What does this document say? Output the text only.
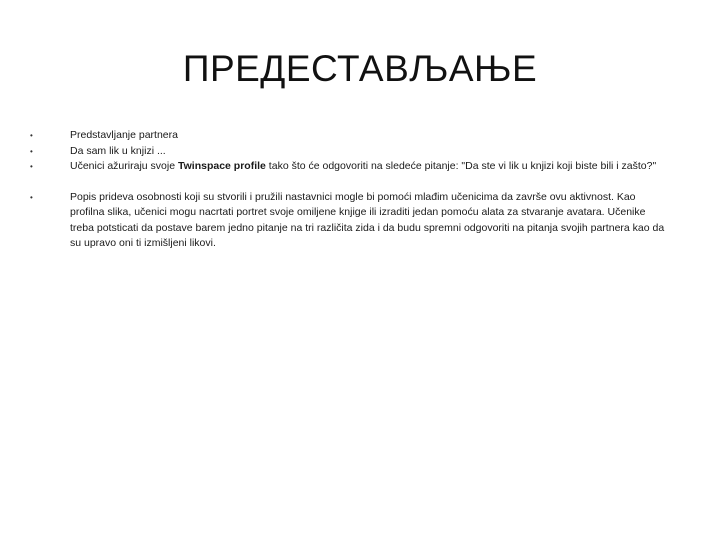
ПРЕДЕСТАВЉАЊЕ
•	Predstavljanje partnera
•	Da sam lik u knjizi ...
•	Učenici ažuriraju svoje Twinspace profile tako što će odgovoriti na sledeće pitanje: "Da ste vi lik u knjizi koji biste bili i zašto?"
•	Popis prideva osobnosti koji su stvorili i pružili nastavnici mogle bi pomoći mlađim učenicima da završe ovu aktivnost. Kao profilna slika, učenici mogu nacrtati portret svoje omiljene knjige ili izraditi jedan pomoću alata za stvaranje avatara. Učenike treba potsticati da postave barem jedno pitanje na tri različita zida i da budu spremni odgovoriti na pitanja svojih partnera kao da su upravo oni ti izmišljeni likovi.
